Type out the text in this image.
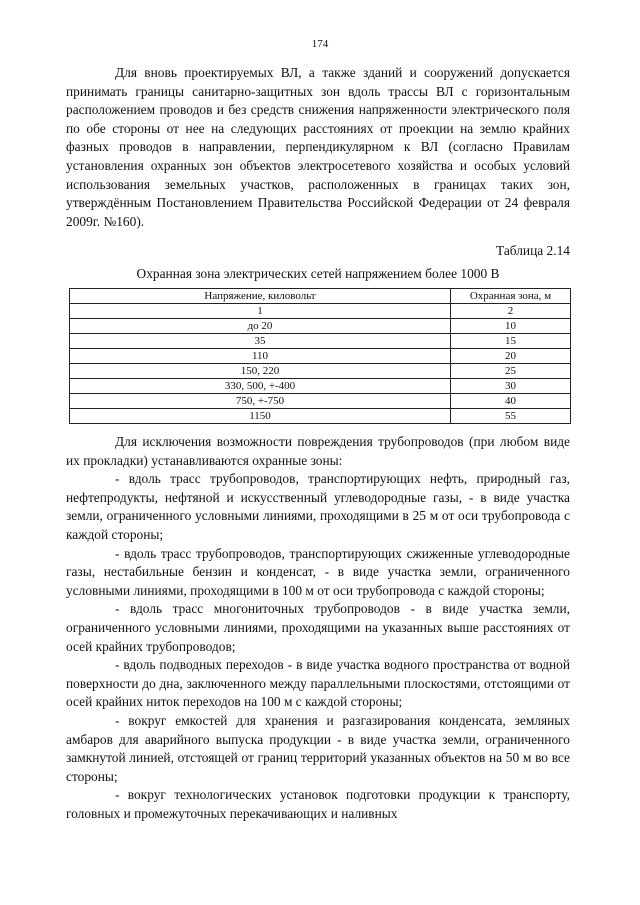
174

Для вновь проектируемых ВЛ, а также зданий и сооружений допускается принимать границы санитарно-защитных зон вдоль трассы ВЛ с горизонтальным расположением проводов и без средств снижения напряженности электрического поля по обе стороны от нее на следующих расстояниях от проекции на землю крайних фазных проводов в направлении, перпендикулярном к ВЛ (согласно Правилам установления охранных зон объектов электросетевого хозяйства и особых условий использования земельных участков, расположенных в границах таких зон, утверждённым Постановлением Правительства Российской Федерации от 24 февраля 2009г. №160).

Таблица 2.14
Охранная зона электрических сетей напряжением более 1000 В
Напряжение, киловольт	Охранная зона, м
1	2
до 20	10
35	15
110	20
150, 220	25
330, 500, +-400	30
750, +-750	40
1150	55

Для исключения возможности повреждения трубопроводов (при любом виде их прокладки) устанавливаются охранные зоны:

- вдоль трасс трубопроводов, транспортирующих нефть, природный газ, нефтепродукты, нефтяной и искусственный углеводородные газы, - в виде участка земли, ограниченного условными линиями, проходящими в 25 м от оси трубопровода с каждой стороны;

- вдоль трасс трубопроводов, транспортирующих сжиженные углеводородные газы, нестабильные бензин и конденсат, - в виде участка земли, ограниченного условными линиями, проходящими в 100 м от оси трубопровода с каждой стороны;

- вдоль трасс многониточных трубопроводов - в виде участка земли, ограниченного условными линиями, проходящими на указанных выше расстояниях от осей крайних трубопроводов;

- вдоль подводных переходов - в виде участка водного пространства от водной поверхности до дна, заключенного между параллельными плоскостями, отстоящими от осей крайних ниток переходов на 100 м с каждой стороны;

- вокруг емкостей для хранения и разгазирования конденсата, земляных амбаров для аварийного выпуска продукции - в виде участка земли, ограниченного замкнутой линией, отстоящей от границ территорий указанных объектов на 50 м во все стороны;

- вокруг технологических установок подготовки продукции к транспорту, головных и промежуточных перекачивающих и наливных
